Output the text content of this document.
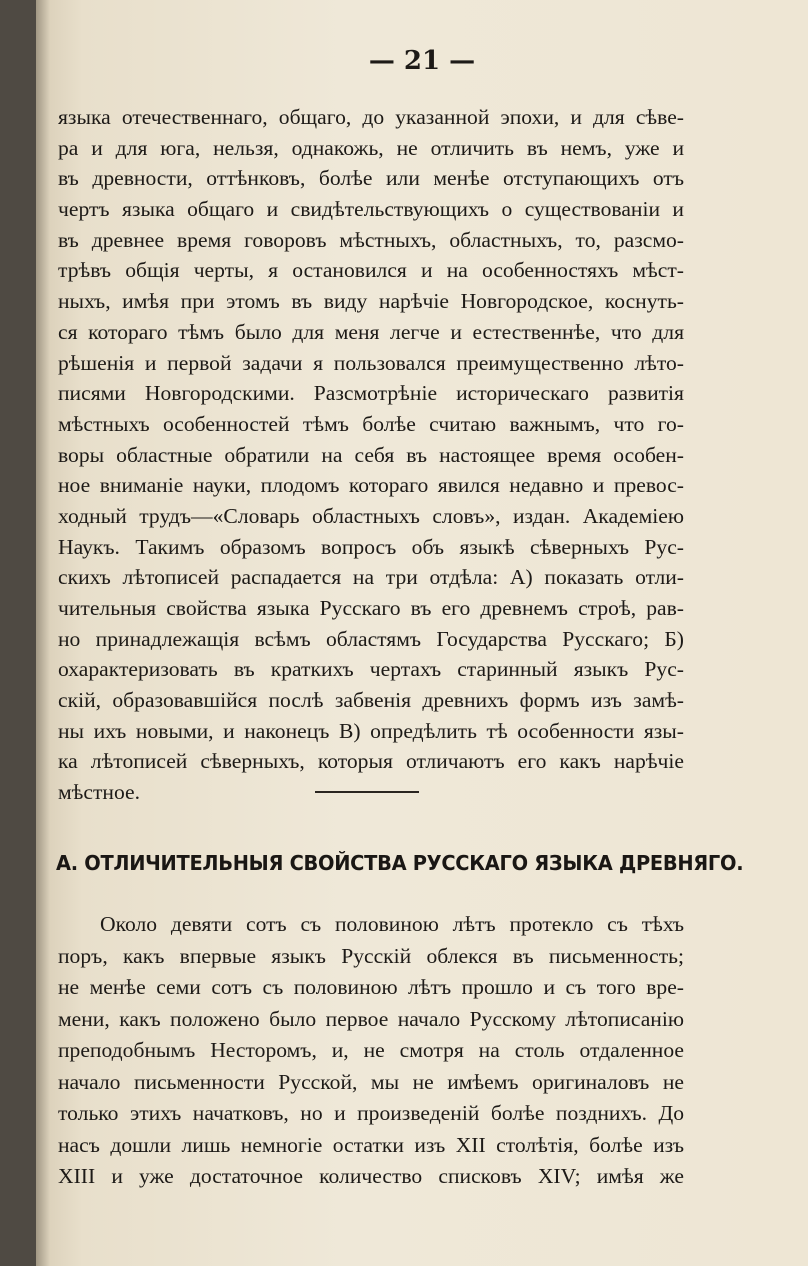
— 21 —
языка отечественнаго, общаго, до указанной эпохи, и для сѣве-
ра и для юга, нельзя, однакожь, не отличить въ немъ, уже и
въ древности, оттѣнковъ, болѣе или менѣе отступающихъ отъ
чертъ языка общаго и свидѣтельствующихъ о существованіи и
въ древнее время говоровъ мѣстныхъ, областныхъ, то, разсмо-
трѣвъ общія черты, я остановился и на особенностяхъ мѣст-
ныхъ, имѣя при этомъ въ виду нарѣчіе Новгородское, коснуть-
ся котораго тѣмъ было для меня легче и естественнѣе, что для
рѣшенія и первой задачи я пользовался преимущественно лѣто-
писями Новгородскими. Разсмотрѣніе историческаго развитія
мѣстныхъ особенностей тѣмъ болѣе считаю важнымъ, что го-
воры областные обратили на себя въ настоящее время особен-
ное вниманіе науки, плодомъ котораго явился недавно и превос-
ходный трудъ—«Словарь областныхъ словъ», издан. Академіею
Наукъ. Такимъ образомъ вопросъ объ языкѣ сѣверныхъ Рус-
скихъ лѣтописей распадается на три отдѣла: А) показать отли-
чительныя свойства языка Русскаго въ его древнемъ строѣ, рав-
но принадлежащія всѣмъ областямъ Государства Русскаго; Б)
охарактеризовать въ краткихъ чертахъ старинный языкъ Рус-
скій, образовавшійся послѣ забвенія древнихъ формъ изъ замѣ-
ны ихъ новыми, и наконецъ В) опредѣлить тѣ особенности язы-
ка лѣтописей сѣверныхъ, которыя отличаютъ его какъ нарѣчіе
мѣстное.
А. ОТЛИЧИТЕЛЬНЫЯ СВОЙСТВА РУССКАГО ЯЗЫКА ДРЕВНЯГО.
Около девяти сотъ съ половиною лѣтъ протекло съ тѣхъ
поръ, какъ впервые языкъ Русскій облекся въ письменность;
не менѣе семи сотъ съ половиною лѣтъ прошло и съ того вре-
мени, какъ положено было первое начало Русскому лѣтописанію
преподобнымъ Несторомъ, и, не смотря на столь отдаленное
начало письменности Русской, мы не имѣемъ оригиналовъ не
только этихъ начатковъ, но и произведеній болѣе позднихъ. До
насъ дошли лишь немногіе остатки изъ XII столѣтія, болѣе изъ
XIII и уже достаточное количество списковъ XIV; имѣя же
